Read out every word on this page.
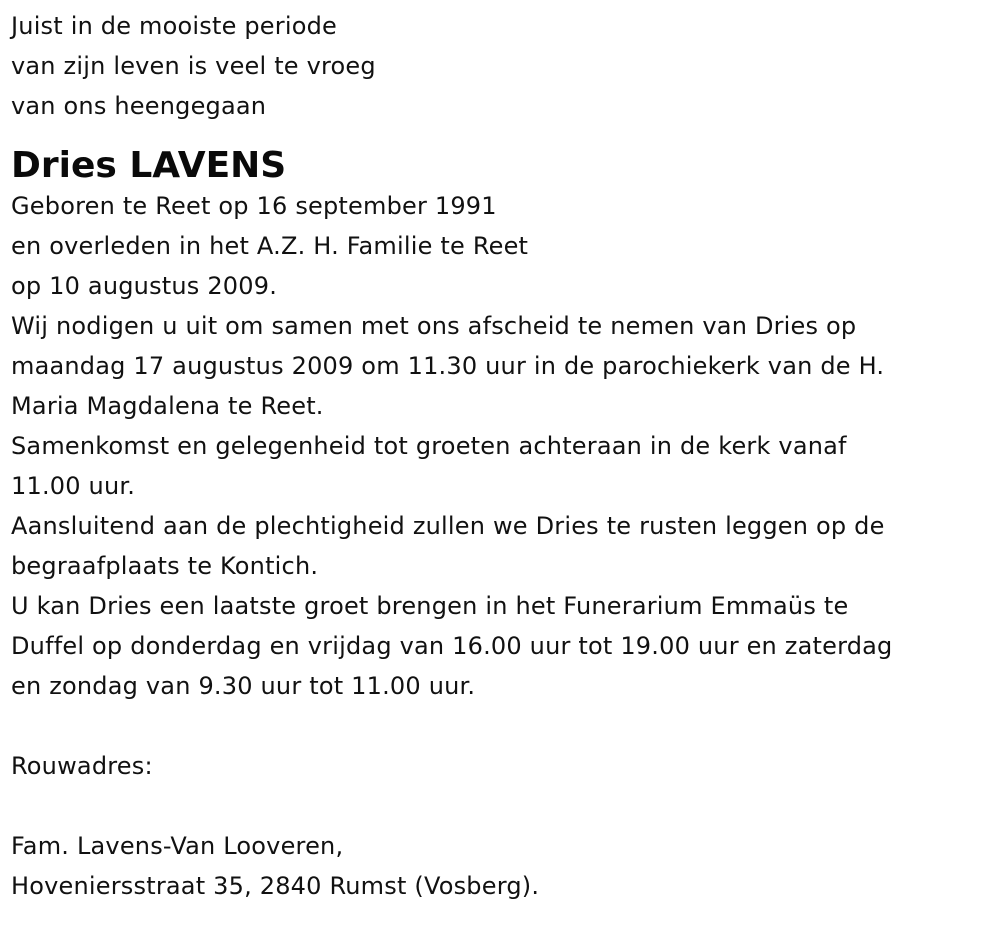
Juist in de mooiste periode
van zijn leven is veel te vroeg
van ons heengegaan
Dries LAVENS
Geboren te Reet op 16 september 1991
en overleden in het A.Z. H. Familie te Reet
op 10 augustus 2009.
Wij nodigen u uit om samen met ons afscheid te nemen van Dries op
maandag 17 augustus 2009 om 11.30 uur in de parochiekerk van de H.
Maria Magdalena te Reet.
Samenkomst en gelegenheid tot groeten achteraan in de kerk vanaf
11.00 uur.
Aansluitend aan de plechtigheid zullen we Dries te rusten leggen op de
begraafplaats te Kontich.
U kan Dries een laatste groet brengen in het Funerarium Emmaüs te
Duffel op donderdag en vrijdag van 16.00 uur tot 19.00 uur en zaterdag
en zondag van 9.30 uur tot 11.00 uur.
Rouwadres:
Fam. Lavens-Van Looveren,
Hoveniersstraat 35, 2840 Rumst (Vosberg).
